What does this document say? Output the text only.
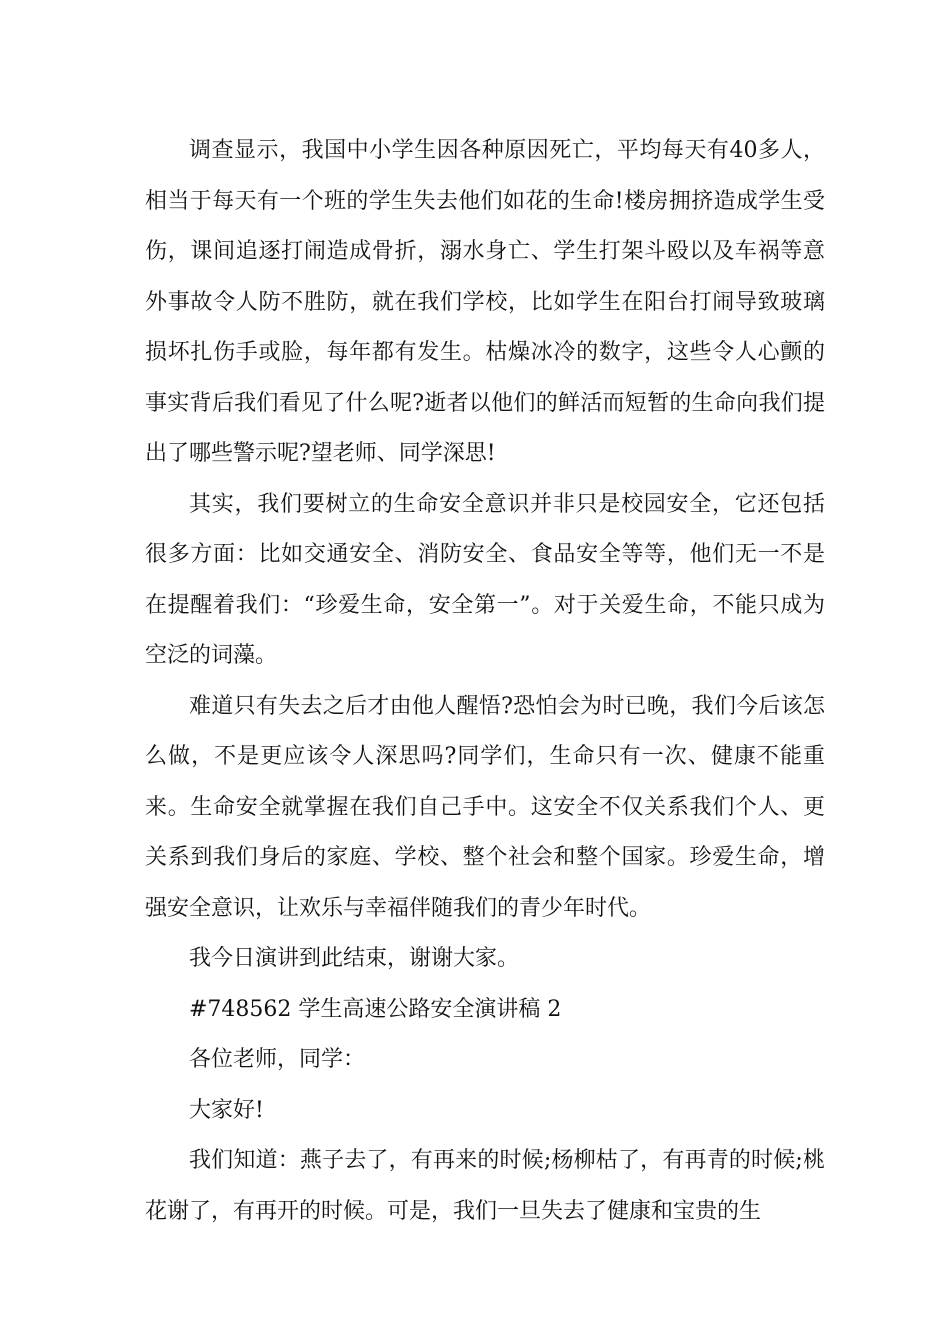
调查显示，我国中小学生因各种原因死亡，平均每天有40多人，相当于每天有一个班的学生失去他们如花的生命!楼房拥挤造成学生受伤，课间追逐打闹造成骨折，溺水身亡、学生打架斗殴以及车祸等意外事故令人防不胜防，就在我们学校，比如学生在阳台打闹导致玻璃损坏扎伤手或脸，每年都有发生。枯燥冰冷的数字，这些令人心颤的事实背后我们看见了什么呢?逝者以他们的鲜活而短暂的生命向我们提出了哪些警示呢?望老师、同学深思!

其实，我们要树立的生命安全意识并非只是校园安全，它还包括很多方面：比如交通安全、消防安全、食品安全等等，他们无一不是在提醒着我们：“珍爱生命，安全第一”。对于关爱生命，不能只成为空泛的词藻。

难道只有失去之后才由他人醒悟?恐怕会为时已晚，我们今后该怎么做，不是更应该令人深思吗?同学们，生命只有一次、健康不能重来。生命安全就掌握在我们自己手中。这安全不仅关系我们个人、更关系到我们身后的家庭、学校、整个社会和整个国家。珍爱生命，增强安全意识，让欢乐与幸福伴随我们的青少年时代。

我今日演讲到此结束，谢谢大家。

#748562 学生高速公路安全演讲稿 2

各位老师，同学：

大家好!

我们知道：燕子去了，有再来的时候;杨柳枯了，有再青的时候;桃花谢了，有再开的时候。可是，我们一旦失去了健康和宝贵的生
